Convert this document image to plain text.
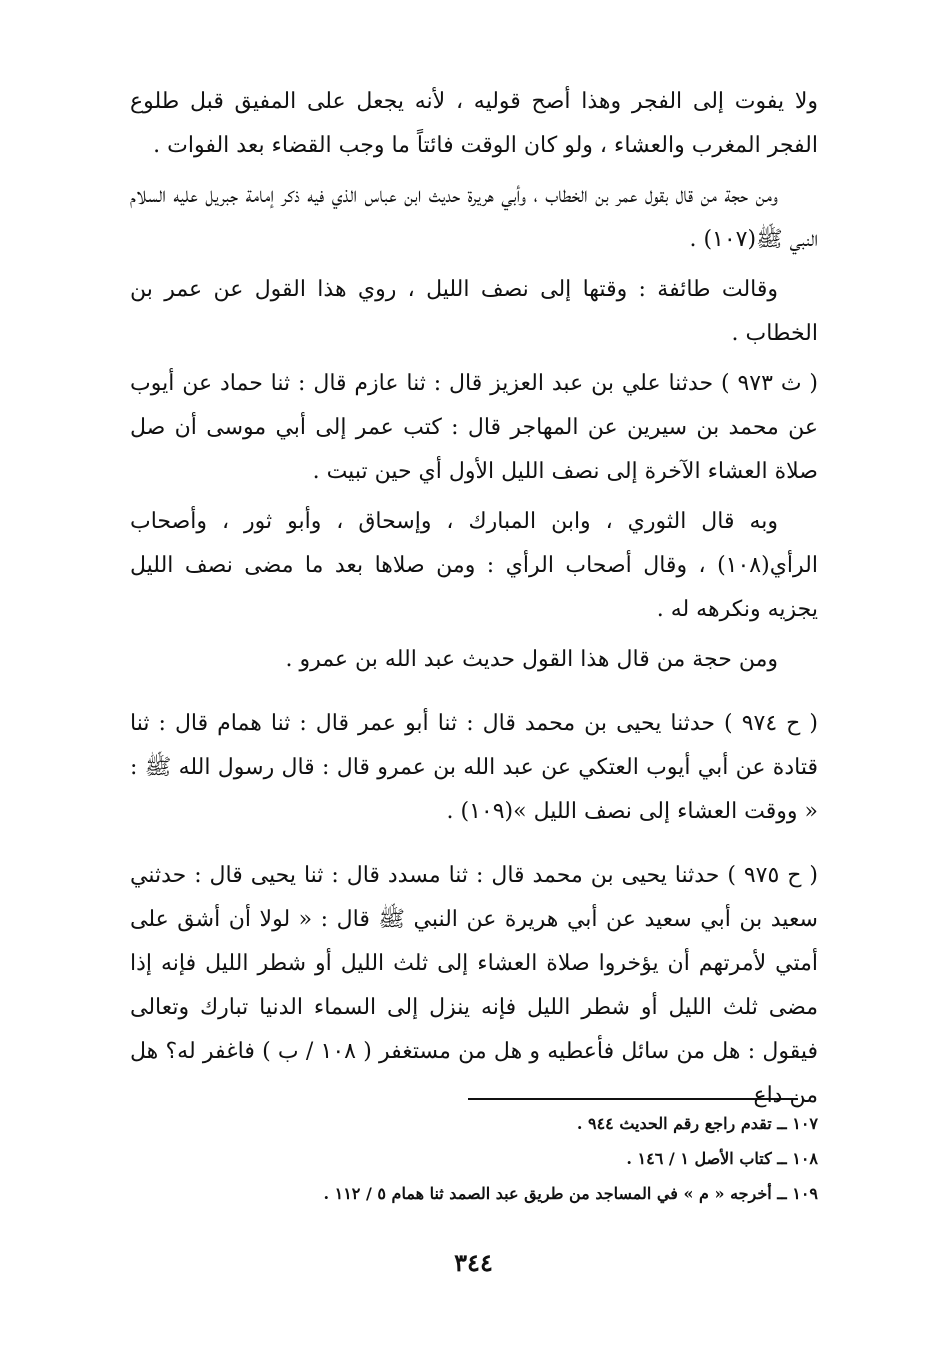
ولا يفوت إلى الفجر وهذا أصح قوليه ، لأنه يجعل على المفيق قبل طلوع الفجر المغرب والعشاء ، ولو كان الوقت فائتاً ما وجب القضاء بعد الفوات .

ومن حجة من قال بقول عمر بن الخطاب ، وأبي هريرة حديث ابن عباس الذي فيه ذكر إمامة جبريل عليه السلام النبي ﷺ(١٠٧) .

وقالت طائفة : وقتها إلى نصف الليل ، روي هذا القول عن عمر بن الخطاب .

( ث ٩٧٣ ) حدثنا علي بن عبد العزيز قال : ثنا عازم قال : ثنا حماد عن أيوب عن محمد بن سيرين عن المهاجر قال : كتب عمر إلى أبي موسى أن صل صلاة العشاء الآخرة إلى نصف الليل الأول أي حين تبيت .

وبه قال الثوري ، وابن المبارك ، وإسحاق ، وأبو ثور ، وأصحاب الرأي(١٠٨) ، وقال أصحاب الرأي : ومن صلاها بعد ما مضى نصف الليل يجزيه ونكرهه له .

ومن حجة من قال هذا القول حديث عبد الله بن عمرو .

( ح ٩٧٤ ) حدثنا يحيى بن محمد قال : ثنا أبو عمر قال : ثنا همام قال : ثنا قتادة عن أبي أيوب العتكي عن عبد الله بن عمرو قال : قال رسول الله ﷺ : « ووقت العشاء إلى نصف الليل »(١٠٩) .

( ح ٩٧٥ ) حدثنا يحيى بن محمد قال : ثنا مسدد قال : ثنا يحيى قال : حدثني سعيد بن أبي سعيد عن أبي هريرة عن النبي ﷺ قال : « لولا أن أشق على أمتي لأمرتهم أن يؤخروا صلاة العشاء إلى ثلث الليل أو شطر الليل فإنه إذا مضى ثلث الليل أو شطر الليل فإنه ينزل إلى السماء الدنيا تبارك وتعالى فيقول : هل من سائل فأعطيه و هل من مستغفر ( ١٠٨ / ب ) فاغفر له؟ هل من داع

١٠٧ ــ تقدم راجع رقم الحديث ٩٤٤ .

١٠٨ ــ كتاب الأصل ١ / ١٤٦ .

١٠٩ ــ أخرجه « م » في المساجد من طريق عبد الصمد ثنا همام ٥ / ١١٢ .

٣٤٤
